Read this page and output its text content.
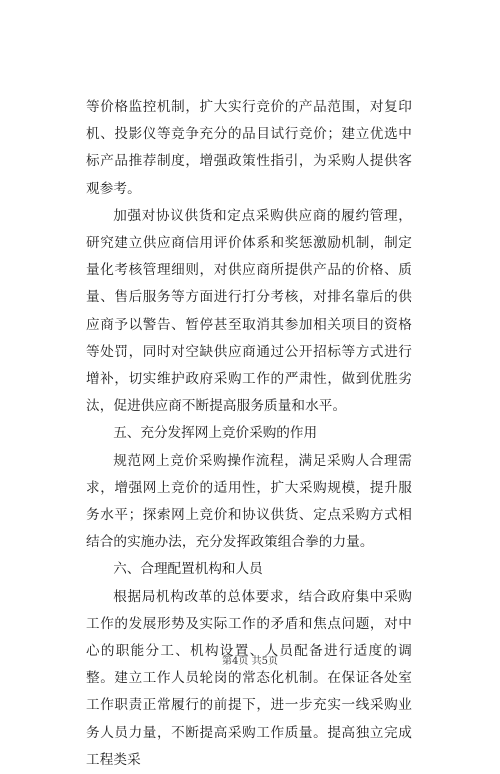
等价格监控机制，扩大实行竞价的产品范围，对复印机、投影仪等竞争充分的品目试行竞价；建立优选中标产品推荐制度，增强政策性指引，为采购人提供客观参考。

加强对协议供货和定点采购供应商的履约管理，研究建立供应商信用评价体系和奖惩激励机制，制定量化考核管理细则，对供应商所提供产品的价格、质量、售后服务等方面进行打分考核，对排名靠后的供应商予以警告、暂停甚至取消其参加相关项目的资格等处罚，同时对空缺供应商通过公开招标等方式进行增补，切实维护政府采购工作的严肃性，做到优胜劣汰，促进供应商不断提高服务质量和水平。

五、充分发挥网上竞价采购的作用

规范网上竞价采购操作流程，满足采购人合理需求，增强网上竞价的适用性，扩大采购规模，提升服务水平；探索网上竞价和协议供货、定点采购方式相结合的实施办法，充分发挥政策组合拳的力量。

六、合理配置机构和人员

根据局机构改革的总体要求，结合政府集中采购工作的发展形势及实际工作的矛盾和焦点问题，对中心的职能分工、机构设置、人员配备进行适度的调整。建立工作人员轮岗的常态化机制。在保证各处室工作职责正常履行的前提下，进一步充实一线采购业务人员力量，不断提高采购工作质量。提高独立完成工程类采

第4页 共5页
